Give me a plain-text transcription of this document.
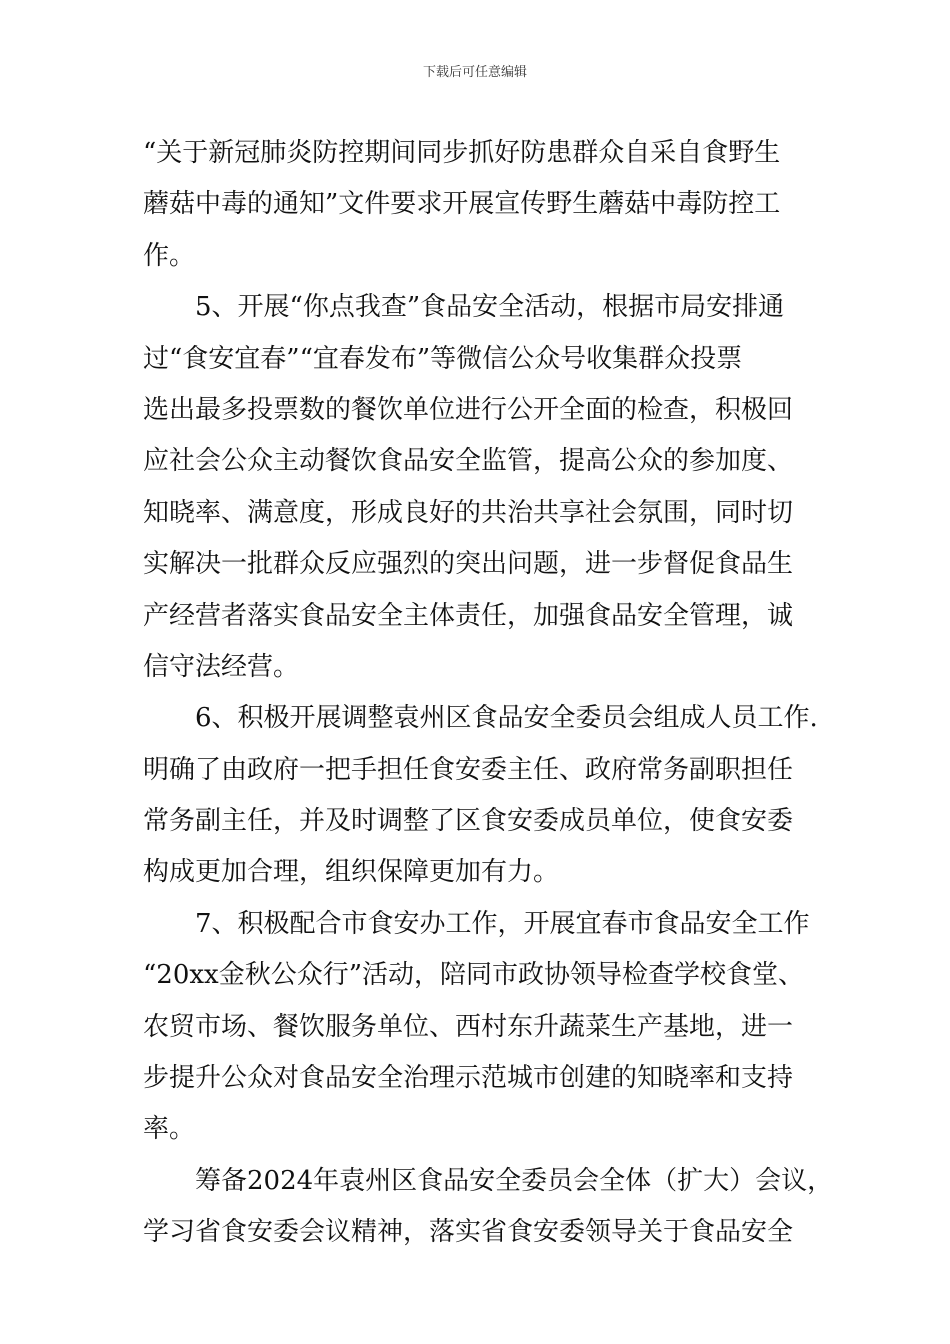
下载后可任意编辑
“关于新冠肺炎防控期间同步抓好防患群众自采自食野生
蘑菇中毒的通知”文件要求开展宣传野生蘑菇中毒防控工
作。
5、开展“你点我查”食品安全活动，根据市局安排通
过“食安宜春”“宜春发布”等微信公众号收集群众投票
选出最多投票数的餐饮单位进行公开全面的检查，积极回
应社会公众主动餐饮食品安全监管，提高公众的参加度、
知晓率、满意度，形成良好的共治共享社会氛围，同时切
实解决一批群众反应强烈的突出问题，进一步督促食品生
产经营者落实食品安全主体责任，加强食品安全管理，诚
信守法经营。
6、积极开展调整袁州区食品安全委员会组成人员工作.
明确了由政府一把手担任食安委主任、政府常务副职担任
常务副主任，并及时调整了区食安委成员单位，使食安委
构成更加合理，组织保障更加有力。
7、积极配合市食安办工作，开展宜春市食品安全工作
“20xx金秋公众行”活动，陪同市政协领导检查学校食堂、
农贸市场、餐饮服务单位、西村东升蔬菜生产基地，进一
步提升公众对食品安全治理示范城市创建的知晓率和支持
率。
筹备2024年袁州区食品安全委员会全体（扩大）会议，
学习省食安委会议精神，落实省食安委领导关于食品安全
